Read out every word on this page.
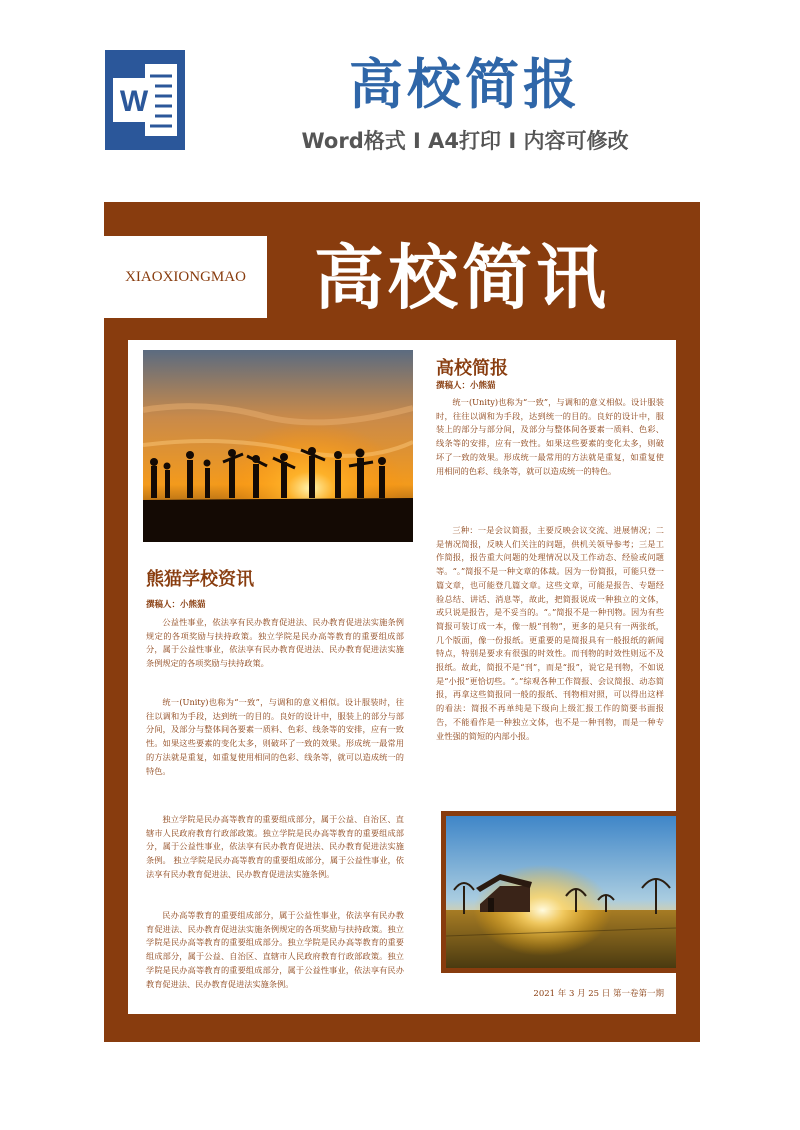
W	高校简报
Word格式 I A4打印 I 内容可修改
XIAOXIONGMAO 高校简讯
熊猫学校资讯
撰稿人：小熊猫

公益性事业，依法享有民办教育促进法、民办教育促进法实施条例规定的各项奖励与扶持政策。独立学院是民办高等教育的重要组成部分，属于公益性事业，依法享有民办教育促进法、民办教育促进法实施条例规定的各项奖励与扶持政策。

统一(Unity)也称为“一致”，与调和的意义相似。设计服装时，往往以调和为手段，达到统一的目的。良好的设计中，服装上的部分与部分间，及部分与整体间各要素一质料、色彩、线条等的安排，应有一致性。如果这些要素的变化太多，则破坏了一致的效果。形成统一最常用的方法就是重复，如重复使用相同的色彩、线条等，就可以造成统一的特色。

独立学院是民办高等教育的重要组成部分，属于公益、自治区、直辖市人民政府教育行政部政策。独立学院是民办高等教育的重要组成部分，属于公益性事业，依法享有民办教育促进法、民办教育促进法实施条例。 独立学院是民办高等教育的重要组成部分，属于公益性事业，依法享有民办教育促进法、民办教育促进法实施条例。

民办高等教育的重要组成部分，属于公益性事业，依法享有民办教育促进法、民办教育促进法实施条例规定的各项奖励与扶持政策。独立学院是民办高等教育的重要组成部分。独立学院是民办高等教育的重要组成部分，属于公益、自治区、直辖市人民政府教育行政部政策。独立学院是民办高等教育的重要组成部分，属于公益性事业，依法享有民办教育促进法、民办教育促进法实施条例。

高校简报
撰稿人：小熊猫

统一(Unity)也称为“一致”，与调和的意义相似。设计服装时，往往以调和为手段，达到统一的目的。良好的设计中，服装上的部分与部分间，及部分与整体间各要素一质料、色彩、线条等的安排，应有一致性。如果这些要素的变化太多，则破坏了一致的效果。形成统一最常用的方法就是重复，如重复使用相同的色彩、线条等，就可以造成统一的特色。

三种：一是会议简报，主要反映会议交流、进展情况；二是情况简报，反映人们关注的问题，供机关领导参考；三是工作简报，报告重大问题的处理情况以及工作动态、经验或问题等。“。”简报不是一种文章的体裁。因为一份简报，可能只登一篇文章，也可能登几篇文章。这些文章，可能是报告、专题经验总结、讲话、消息等，故此，把简报说成一种独立的文体，或只说是报告，是不妥当的。“。”简报不是一种刊物。因为有些简报可装订成一本，像一般“刊物”，更多的是只有一两张纸，几个版面，像一份报纸。更重要的是简报具有一般报纸的新闻特点，特别是要求有很强的时效性。而刊物的时效性则远不及报纸。故此，简报不是“刊”，而是“报”，说它是刊物，不如说是“小报”更恰切些。“。”综观各种工作简报、会议简报、动态简报，再拿这些简报同一般的报纸、刊物相对照，可以得出这样的看法：简报不再单纯是下级向上级汇报工作的简要书面报告，不能看作是一种独立文体，也不是一种刊物，而是一种专业性强的简短的内部小报。

2021 年 3 月 25 日 第一卷第一期
